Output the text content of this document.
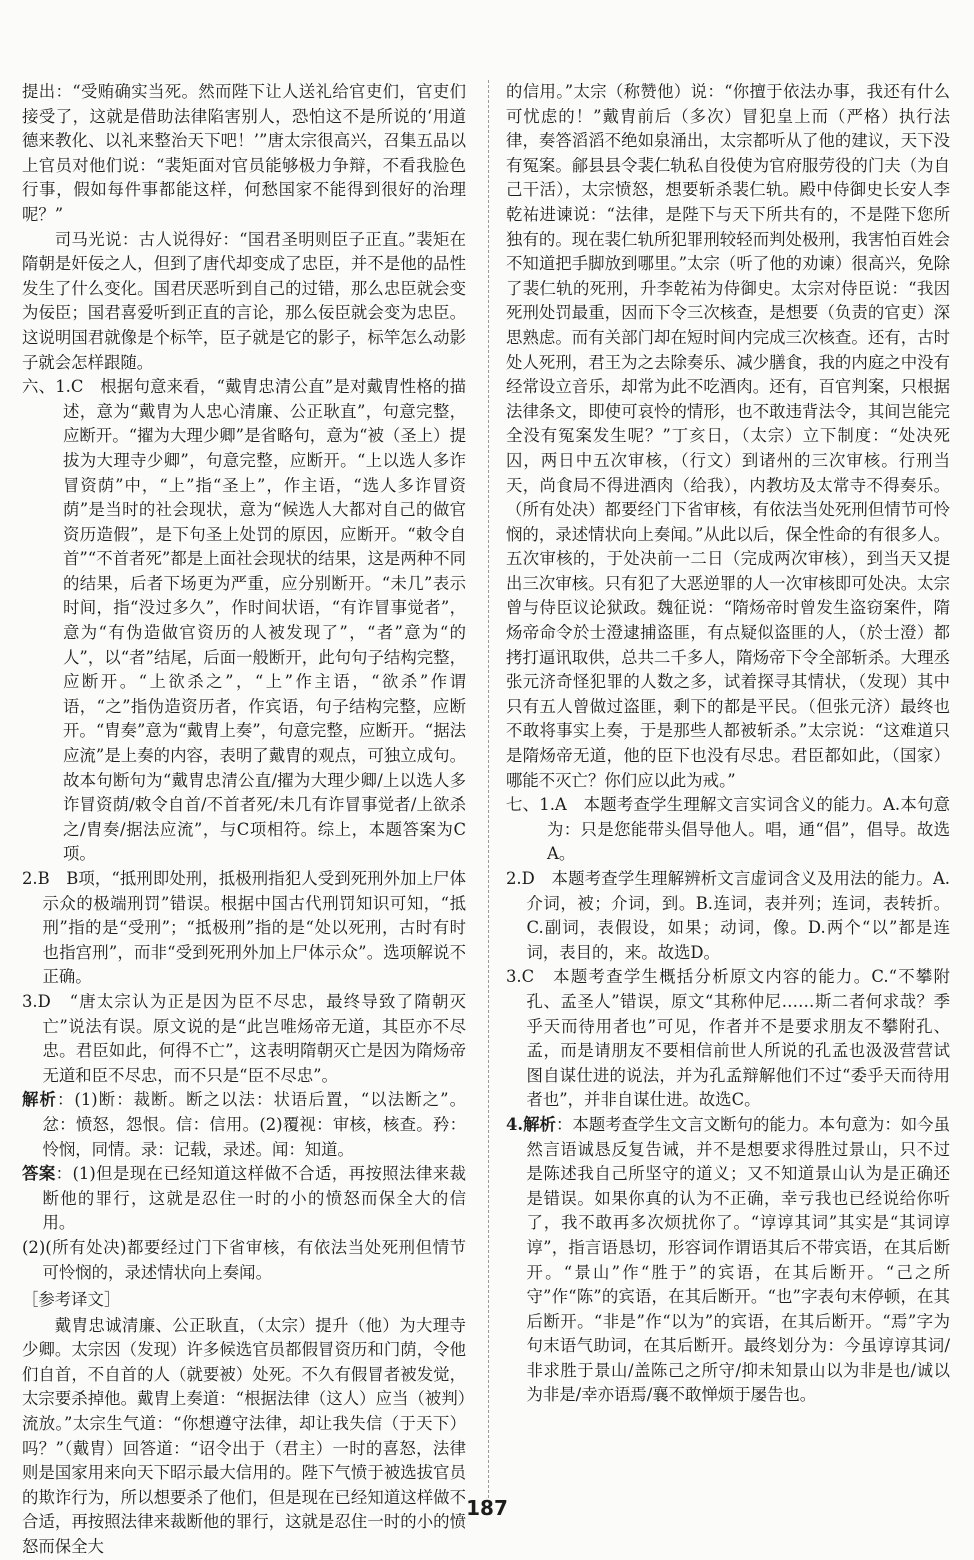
提出：“受贿确实当死。然而陛下让人送礼给官吏们，官吏们接受了，这就是借助法律陷害别人，恐怕这不是所说的‘用道德来教化、以礼来整治天下吧！’”唐太宗很高兴，召集五品以上官员对他们说：“裴矩面对官员能够极力争辩，不看我脸色行事，假如每件事都能这样，何愁国家不能得到很好的治理呢？”

司马光说：古人说得好：“国君圣明则臣子正直。”裴矩在隋朝是奸佞之人，但到了唐代却变成了忠臣，并不是他的品性发生了什么变化。国君厌恶听到自己的过错，那么忠臣就会变为佞臣；国君喜爱听到正直的言论，那么佞臣就会变为忠臣。这说明国君就像是个标竿，臣子就是它的影子，标竿怎么动影子就会怎样跟随。

六、1.C　根据句意来看，“戴胄忠清公直”是对戴胄性格的描述，意为“戴胄为人忠心清廉、公正耿直”，句意完整，应断开。“擢为大理少卿”是省略句，意为“被（圣上）提拔为大理寺少卿”，句意完整，应断开。“上以选人多诈冒资荫”中，“上”指“圣上”，作主语，“选人多诈冒资荫”是当时的社会现状，意为“候选人大都对自己的做官资历造假”，是下句圣上处罚的原因，应断开。“敕令自首”“不首者死”都是上面社会现状的结果，这是两种不同的结果，后者下场更为严重，应分别断开。“未几”表示时间，指“没过多久”，作时间状语，“有诈冒事觉者”，意为“有伪造做官资历的人被发现了”，“者”意为“的人”，以“者”结尾，后面一般断开，此句句子结构完整，应断开。“上欲杀之”，“上”作主语，“欲杀”作谓语，“之”指伪造资历者，作宾语，句子结构完整，应断开。“胄奏”意为“戴胄上奏”，句意完整，应断开。“据法应流”是上奏的内容，表明了戴胄的观点，可独立成句。故本句断句为“戴胄忠清公直/擢为大理少卿/上以选人多诈冒资荫/敕令自首/不首者死/未几有诈冒事觉者/上欲杀之/胄奏/据法应流”，与C项相符。综上，本题答案为C项。

2.B　B项，“抵刑即处刑，抵极刑指犯人受到死刑外加上尸体示众的极端刑罚”错误。根据中国古代刑罚知识可知，“抵刑”指的是“受刑”；“抵极刑”指的是“处以死刑，古时有时也指宫刑”，而非“受到死刑外加上尸体示众”。选项解说不正确。

3.D　“唐太宗认为正是因为臣不尽忠，最终导致了隋朝灭亡”说法有误。原文说的是“此岂唯炀帝无道，其臣亦不尽忠。君臣如此，何得不亡”，这表明隋朝灭亡是因为隋炀帝无道和臣不尽忠，而不只是“臣不尽忠”。

解析：(1)断：裁断。断之以法：状语后置，“以法断之”。忿：愤怒，怨恨。信：信用。(2)覆视：审核，核查。矜：怜悯，同情。录：记载，录述。闻：知道。

答案：(1)但是现在已经知道这样做不合适，再按照法律来裁断他的罪行，这就是忍住一时的小的愤怒而保全大的信用。

(2)(所有处决)都要经过门下省审核，有依法当处死刑但情节可怜悯的，录述情状向上奏闻。

［参考译文］

戴胄忠诚清廉、公正耿直，（太宗）提升（他）为大理寺少卿。太宗因（发现）许多候选官员都假冒资历和门荫，令他们自首，不自首的人（就要被）处死。不久有假冒者被发觉，太宗要杀掉他。戴胄上奏道：“根据法律（这人）应当（被判）流放。”太宗生气道：“你想遵守法律，却让我失信（于天下）吗？”（戴胄）回答道：“诏令出于（君主）一时的喜怒，法律则是国家用来向天下昭示最大信用的。陛下气愤于被选拔官员的欺诈行为，所以想要杀了他们，但是现在已经知道这样做不合适，再按照法律来裁断他的罪行，这就是忍住一时的小的愤怒而保全大

的信用。”太宗（称赞他）说：“你擅于依法办事，我还有什么可忧虑的！”戴胄前后（多次）冒犯皇上而（严格）执行法律，奏答滔滔不绝如泉涌出，太宗都听从了他的建议，天下没有冤案。鄃县县令裴仁轨私自役使为官府服劳役的门夫（为自己干活），太宗愤怒，想要斩杀裴仁轨。殿中侍御史长安人李乾祐进谏说：“法律，是陛下与天下所共有的，不是陛下您所独有的。现在裴仁轨所犯罪刑较轻而判处极刑，我害怕百姓会不知道把手脚放到哪里。”太宗（听了他的劝谏）很高兴，免除了裴仁轨的死刑，升李乾祐为侍御史。太宗对侍臣说：“我因死刑处罚最重，因而下令三次核查，是想要（负责的官吏）深思熟虑。而有关部门却在短时间内完成三次核查。还有，古时处人死刑，君王为之去除奏乐、减少膳食，我的内庭之中没有经常设立音乐，却常为此不吃酒肉。还有，百官判案，只根据法律条文，即使可哀怜的情形，也不敢违背法令，其间岂能完全没有冤案发生呢？”丁亥日，（太宗）立下制度：“处决死囚，两日中五次审核，（行文）到诸州的三次审核。行刑当天，尚食局不得进酒肉（给我），内教坊及太常寺不得奏乐。（所有处决）都要经门下省审核，有依法当处死刑但情节可怜悯的，录述情状向上奏闻。”从此以后，保全性命的有很多人。五次审核的，于处决前一二日（完成两次审核），到当天又提出三次审核。只有犯了大恶逆罪的人一次审核即可处决。太宗曾与侍臣议论狱政。魏征说：“隋炀帝时曾发生盗窃案件，隋炀帝命令於士澄逮捕盗匪，有点疑似盗匪的人，（於士澄）都拷打逼讯取供，总共二千多人，隋炀帝下令全部斩杀。大理丞张元济奇怪犯罪的人数之多，试着探寻其情状，（发现）其中只有五人曾做过盗匪，剩下的都是平民。（但张元济）最终也不敢将事实上奏，于是那些人都被斩杀。”太宗说：“这难道只是隋炀帝无道，他的臣下也没有尽忠。君臣都如此，（国家）哪能不灭亡？你们应以此为戒。”

七、1.A　本题考查学生理解文言实词含义的能力。A.本句意为：只是您能带头倡导他人。唱，通“倡”，倡导。故选A。

2.D　本题考查学生理解辨析文言虚词含义及用法的能力。A.介词，被；介词，到。B.连词，表并列；连词，表转折。C.副词，表假设，如果；动词，像。D.两个“以”都是连词，表目的，来。故选D。

3.C　本题考查学生概括分析原文内容的能力。C.“不攀附孔、孟圣人”错误，原文“其称仲尼……斯二者何求哉？季乎天而待用者也”可见，作者并不是要求朋友不攀附孔、孟，而是请朋友不要相信前世人所说的孔孟也汲汲营营试图自谋仕进的说法，并为孔孟辩解他们不过“委乎天而待用者也”，并非自谋仕进。故选C。

4.解析：本题考查学生文言文断句的能力。本句意为：如今虽然言语诚恳反复告诫，并不是想要求得胜过景山，只不过是陈述我自己所坚守的道义；又不知道景山认为是正确还是错误。如果你真的认为不正确，幸亏我也已经说给你听了，我不敢再多次烦扰你了。“谆谆其词”其实是“其词谆谆”，指言语恳切，形容词作谓语其后不带宾语，在其后断开。“景山”作“胜于”的宾语，在其后断开。“己之所守”作“陈”的宾语，在其后断开。“也”字表句末停顿，在其后断开。“非是”作“以为”的宾语，在其后断开。“焉”字为句末语气助词，在其后断开。最终划分为：今虽谆谆其词/非求胜于景山/盖陈己之所守/抑未知景山以为非是也/诚以为非是/幸亦语焉/襄不敢惮烦于屡告也。

187
